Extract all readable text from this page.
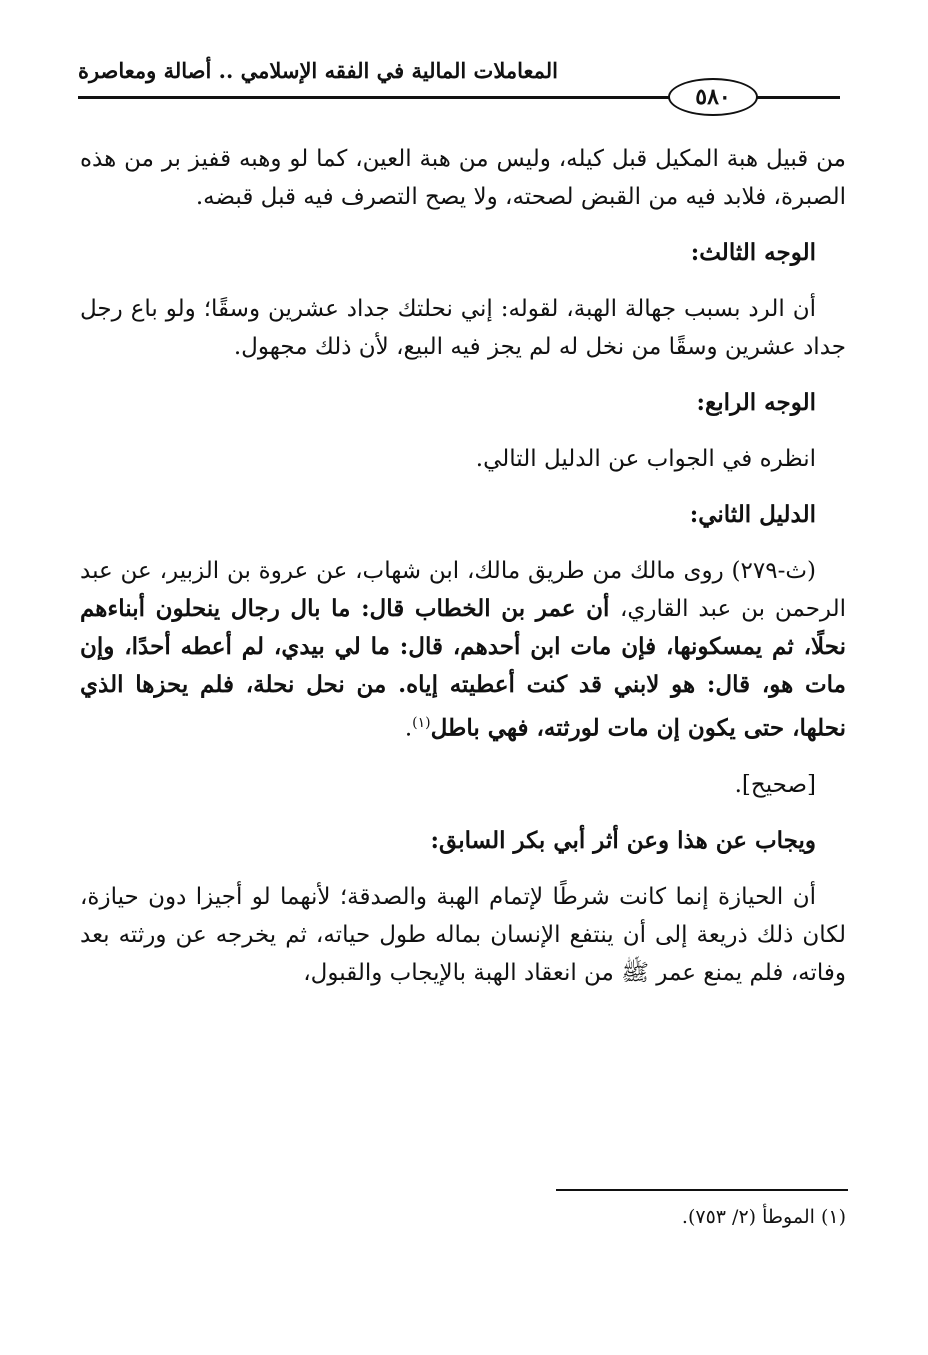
المعاملات المالية في الفقه الإسلامي .. أصالة ومعاصرة
٥٨٠

من قبيل هبة المكيل قبل كيله، وليس من هبة العين، كما لو وهبه قفيز بر من هذه الصبرة، فلابد فيه من القبض لصحته، ولا يصح التصرف فيه قبل قبضه.

الوجه الثالث:

أن الرد بسبب جهالة الهبة، لقوله: إني نحلتك جداد عشرين وسقًا؛ ولو باع رجل جداد عشرين وسقًا من نخل له لم يجز فيه البيع، لأن ذلك مجهول.

الوجه الرابع:

انظره في الجواب عن الدليل التالي.

الدليل الثاني:

(ث-٢٧٩) روى مالك من طريق مالك، ابن شهاب، عن عروة بن الزبير، عن عبد الرحمن بن عبد القاري، أن عمر بن الخطاب قال: ما بال رجال ينحلون أبناءهم نحلًا، ثم يمسكونها، فإن مات ابن أحدهم، قال: ما لي بيدي، لم أعطه أحدًا، وإن مات هو، قال: هو لابني قد كنت أعطيته إياه. من نحل نحلة، فلم يحزها الذي نحلها، حتى يكون إن مات لورثته، فهي باطل$^{(١)}$.

[صحيح].

ويجاب عن هذا وعن أثر أبي بكر السابق:

أن الحيازة إنما كانت شرطًا لإتمام الهبة والصدقة؛ لأنهما لو أجيزا دون حيازة، لكان ذلك ذريعة إلى أن ينتفع الإنسان بماله طول حياته، ثم يخرجه عن ورثته بعد وفاته، فلم يمنع عمر ﷺ من انعقاد الهبة بالإيجاب والقبول،

(١) الموطأ (٢/ ٧٥٣).
